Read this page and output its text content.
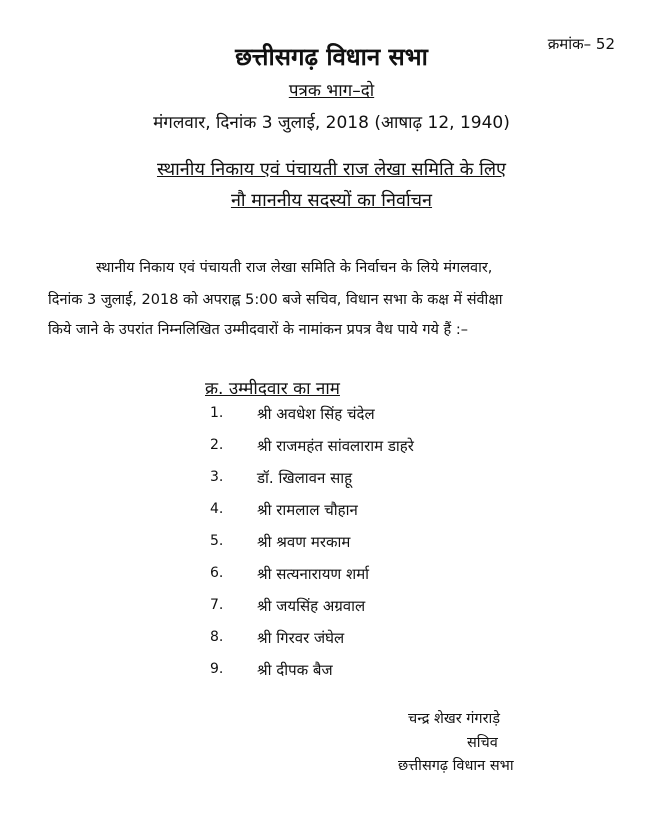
क्रमांक– 52
छत्तीसगढ़ विधान सभा
पत्रक भाग–दो
मंगलवार, दिनांक 3 जुलाई, 2018 (आषाढ़ 12, 1940)
स्थानीय निकाय एवं पंचायती राज लेखा समिति के लिए
नौ माननीय सदस्यों का निर्वाचन
स्थानीय निकाय एवं पंचायती राज लेखा समिति के निर्वाचन के लिये मंगलवार,
दिनांक 3 जुलाई, 2018 को अपराह्न 5:00 बजे सचिव, विधान सभा के कक्ष में संवीक्षा
किये जाने के उपरांत निम्नलिखित उम्मीदवारों के नामांकन प्रपत्र वैध पाये गये हैं :–
क्र. उम्मीदवार का नाम
1. श्री अवधेश सिंह चंदेल
2. श्री राजमहंत सांवलाराम डाहरे
3. डॉ. खिलावन साहू
4. श्री रामलाल चौहान
5. श्री श्रवण मरकाम
6. श्री सत्यनारायण शर्मा
7. श्री जयसिंह अग्रवाल
8. श्री गिरवर जंघेल
9. श्री दीपक बैज
चन्द्र शेखर गंगराड़े
सचिव
छत्तीसगढ़ विधान सभा
